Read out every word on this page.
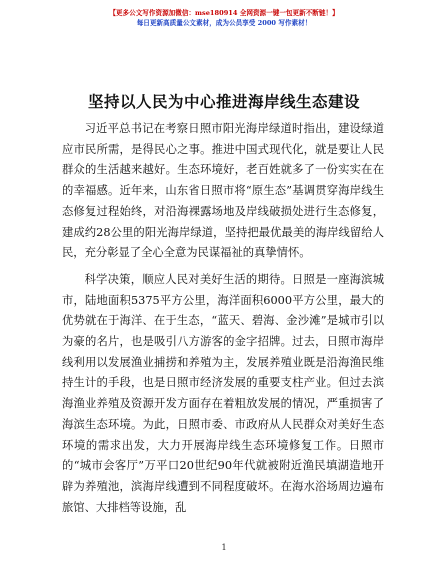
【更多公文写作资源加微信：mse180914 全网资源一键一包更新不断链！】
每日更新高质量公文素材，成为公员享受 2000 写作素材！
坚持以人民为中心推进海岸线生态建设

习近平总书记在考察日照市阳光海岸绿道时指出，建设绿道应市民所需，是得民心之事。推进中国式现代化，就是要让人民群众的生活越来越好。生态环境好，老百姓就多了一份实实在在的幸福感。近年来，山东省日照市将“原生态”基调贯穿海岸线生态修复过程始终，对沿海裸露场地及岸线破损处进行生态修复，建成约28公里的阳光海岸绿道，坚持把最优最美的海岸线留给人民，充分彰显了全心全意为民谋福祉的真挚情怀。

科学决策，顺应人民对美好生活的期待。日照是一座海滨城市，陆地面积5375平方公里，海洋面积6000平方公里，最大的优势就在于海洋、在于生态，“蓝天、碧海、金沙滩”是城市引以为豪的名片，也是吸引八方游客的金字招牌。过去，日照市海岸线利用以发展渔业捕捞和养殖为主，发展养殖业既是沿海渔民维持生计的手段，也是日照市经济发展的重要支柱产业。但过去滨海渔业养殖及资源开发方面存在着粗放发展的情况，严重损害了海滨生态环境。为此，日照市委、市政府从人民群众对美好生态环境的需求出发，大力开展海岸线生态环境修复工作。日照市的“城市会客厅”万平口20世纪90年代就被附近渔民填湖造地开辟为养殖池，滨海岸线遭到不同程度破坏。在海水浴场周边遍布旅馆、大排档等设施，乱

1
